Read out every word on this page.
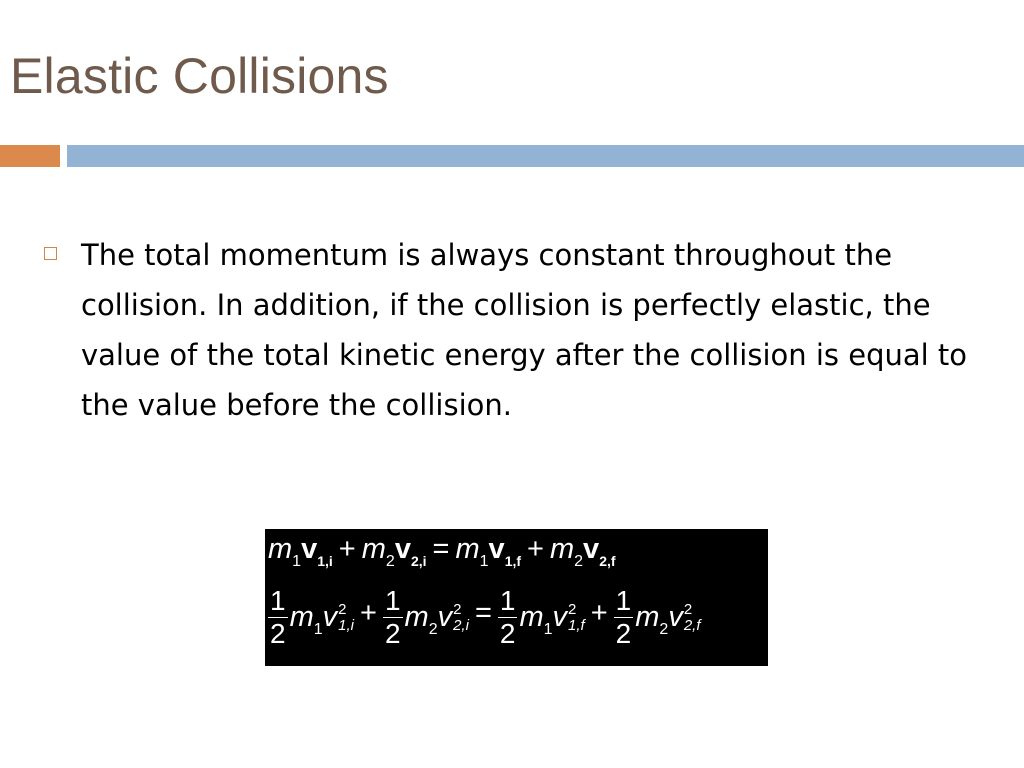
Elastic Collisions
The total momentum is always constant throughout the collision. In addition, if the collision is perfectly elastic, the value of the total kinetic energy after the collision is equal to the value before the collision.
m1v1,i + m2v2,i = m1v1,f + m2v2,f
$\frac{1}{2} m1v$ 2
$1,i + \frac{1}{2} m2v$ 2
$2,i = \frac{1}{2} m1v$ 2
$1,f + \frac{1}{2} m2v$ 2
2,f
